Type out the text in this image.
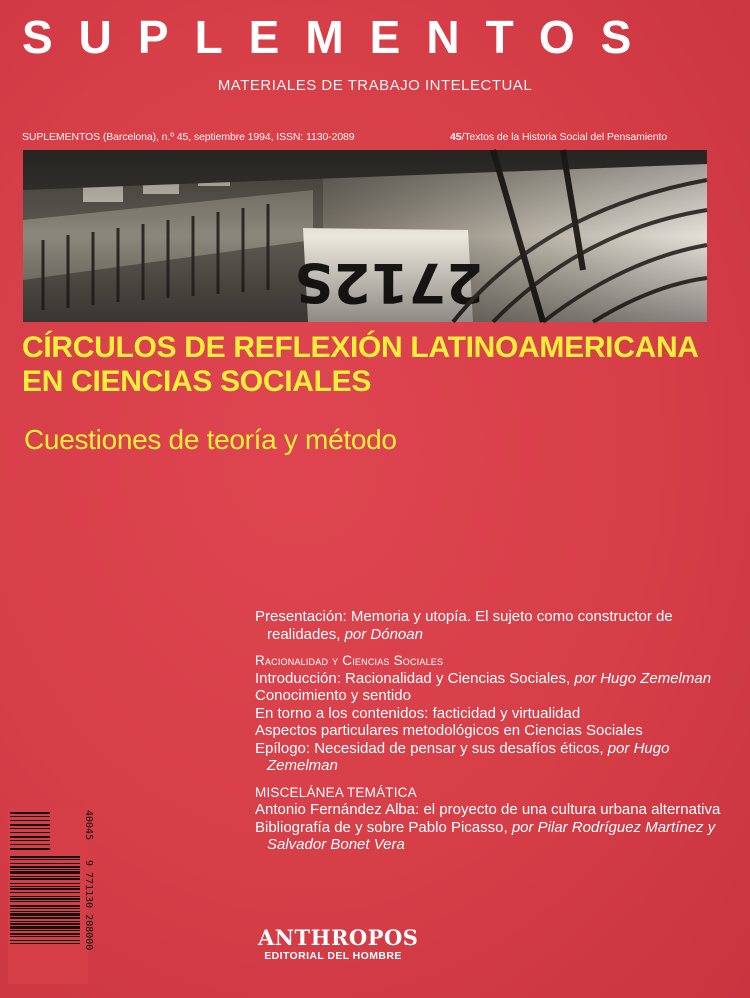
SUPLEMENTOS
MATERIALES DE TRABAJO INTELECTUAL
SUPLEMENTOS (Barcelona), n.º 45, septiembre 1994, ISSN: 1130-2089	45/Textos de la Historia Social del Pensamiento
CÍRCULOS DE REFLEXIÓN LATINOAMERICANA
EN CIENCIAS SOCIALES
Cuestiones de teoría y método

Presentación: Memoria y utopía. El sujeto como constructor de realidades, por Dónoan

Racionalidad y Ciencias Sociales

Introducción: Racionalidad y Ciencias Sociales, por Hugo Zemelman

Conocimiento y sentido

En torno a los contenidos: facticidad y virtualidad

Aspectos particulares metodológicos en Ciencias Sociales

Epílogo: Necesidad de pensar y sus desafíos éticos, por Hugo Zemelman

MISCELÁNEA TEMÁTICA

Antonio Fernández Alba: el proyecto de una cultura urbana alternativa

Bibliografía de y sobre Pablo Picasso, por Pilar Rodríguez Martínez y Salvador Bonet Vera

9 771130 208000
40045
ANTHROPOS
EDITORIAL DEL HOMBRE
